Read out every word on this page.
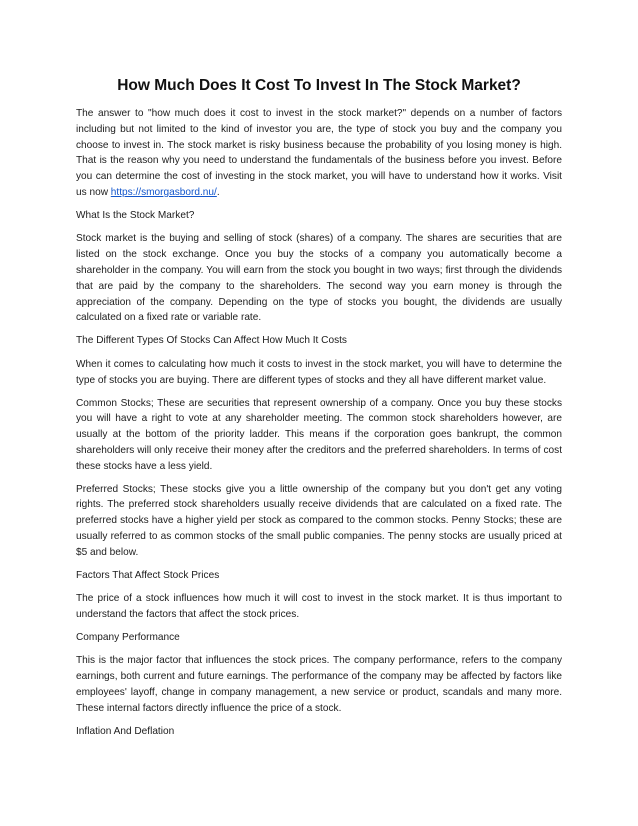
How Much Does It Cost To Invest In The Stock Market?

The answer to "how much does it cost to invest in the stock market?" depends on a number of factors including but not limited to the kind of investor you are, the type of stock you buy and the company you choose to invest in. The stock market is risky business because the probability of you losing money is high. That is the reason why you need to understand the fundamentals of the business before you invest. Before you can determine the cost of investing in the stock market, you will have to understand how it works. Visit us now https://smorgasbord.nu/.

What Is the Stock Market?

Stock market is the buying and selling of stock (shares) of a company. The shares are securities that are listed on the stock exchange. Once you buy the stocks of a company you automatically become a shareholder in the company. You will earn from the stock you bought in two ways; first through the dividends that are paid by the company to the shareholders. The second way you earn money is through the appreciation of the company. Depending on the type of stocks you bought, the dividends are usually calculated on a fixed rate or variable rate.

The Different Types Of Stocks Can Affect How Much It Costs

When it comes to calculating how much it costs to invest in the stock market, you will have to determine the type of stocks you are buying. There are different types of stocks and they all have different market value.

Common Stocks; These are securities that represent ownership of a company. Once you buy these stocks you will have a right to vote at any shareholder meeting. The common stock shareholders however, are usually at the bottom of the priority ladder. This means if the corporation goes bankrupt, the common shareholders will only receive their money after the creditors and the preferred shareholders. In terms of cost these stocks have a less yield.

Preferred Stocks; These stocks give you a little ownership of the company but you don't get any voting rights. The preferred stock shareholders usually receive dividends that are calculated on a fixed rate. The preferred stocks have a higher yield per stock as compared to the common stocks. Penny Stocks; these are usually referred to as common stocks of the small public companies. The penny stocks are usually priced at $5 and below.

Factors That Affect Stock Prices

The price of a stock influences how much it will cost to invest in the stock market. It is thus important to understand the factors that affect the stock prices.

Company Performance

This is the major factor that influences the stock prices. The company performance, refers to the company earnings, both current and future earnings. The performance of the company may be affected by factors like employees' layoff, change in company management, a new service or product, scandals and many more. These internal factors directly influence the price of a stock.

Inflation And Deflation
